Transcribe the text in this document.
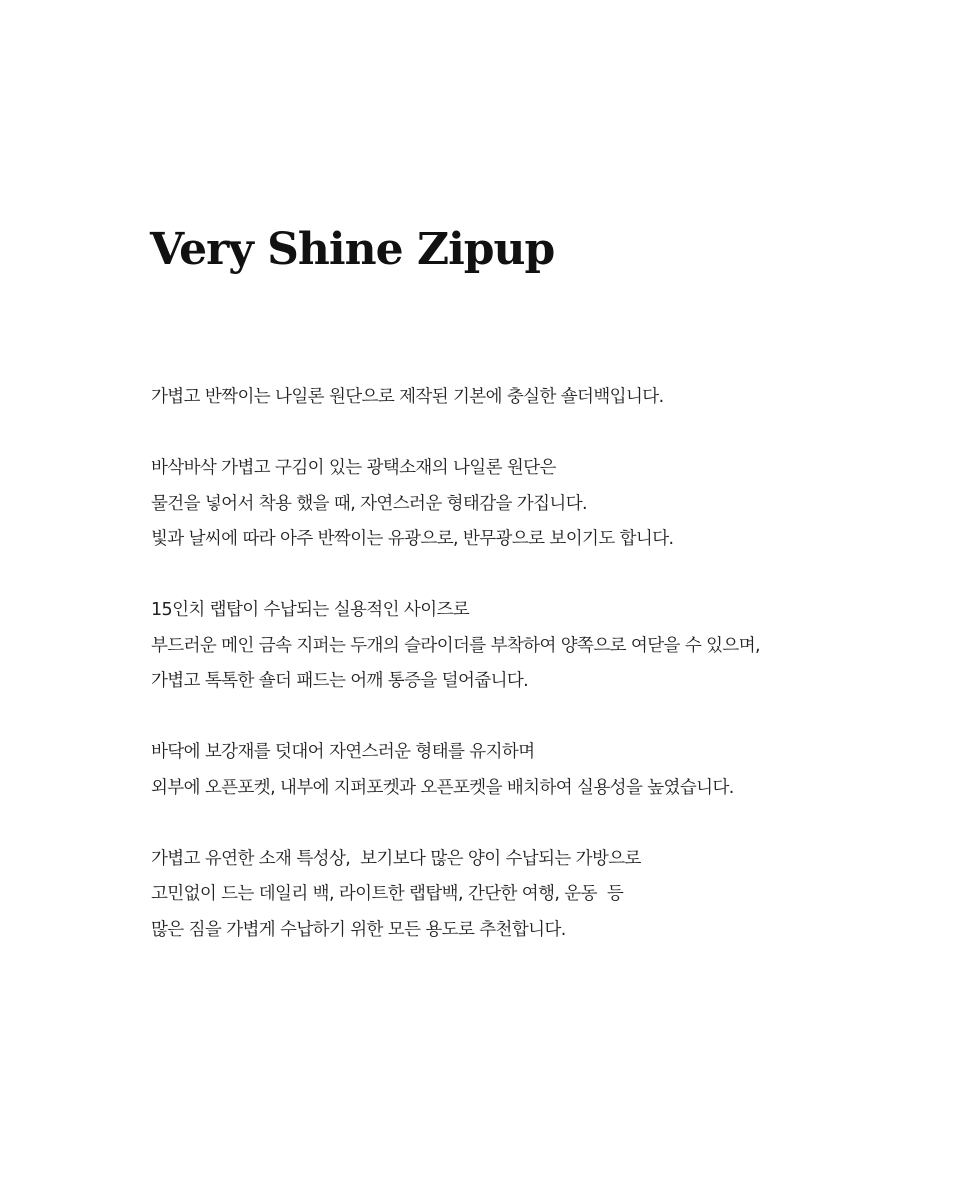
Very Shine Zipup

가볍고 반짝이는 나일론 원단으로 제작된 기본에 충실한 숄더백입니다.

바삭바삭 가볍고 구김이 있는 광택소재의 나일론 원단은
물건을 넣어서 착용 했을 때, 자연스러운 형태감을 가집니다.
빛과 날씨에 따라 아주 반짝이는 유광으로, 반무광으로 보이기도 합니다.

15인치 랩탑이 수납되는 실용적인 사이즈로
부드러운 메인 금속 지퍼는 두개의 슬라이더를 부착하여 양쪽으로 여닫을 수 있으며,
가볍고 톡톡한 숄더 패드는 어깨 통증을 덜어줍니다.

바닥에 보강재를 덧대어 자연스러운 형태를 유지하며
외부에 오픈포켓, 내부에 지퍼포켓과 오픈포켓을 배치하여 실용성을 높였습니다.

가볍고 유연한 소재 특성상,  보기보다 많은 양이 수납되는 가방으로
고민없이 드는 데일리 백, 라이트한 랩탑백, 간단한 여행, 운동  등
많은 짐을 가볍게 수납하기 위한 모든 용도로 추천합니다.
